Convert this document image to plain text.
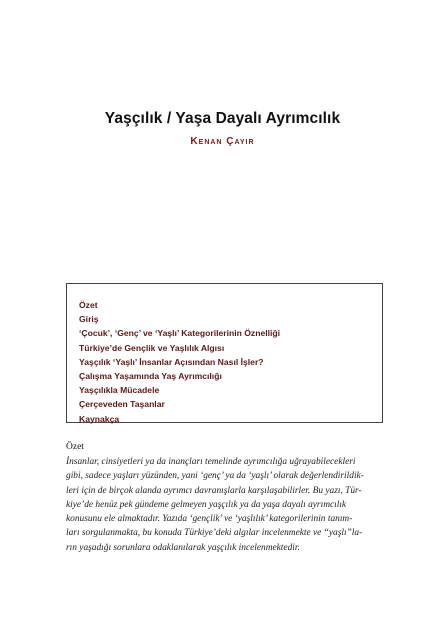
Yaşçılık / Yaşa Dayalı Ayrımcılık
Kenan Çayır
Özet
Giriş
‘Çocuk’, ‘Genç’ ve ‘Yaşlı’ Kategorilerinin Öznelliği
Türkiye’de Gençlik ve Yaşlılık Algısı
Yaşçılık ‘Yaşlı’ İnsanlar Açısından Nasıl İşler?
Çalışma Yaşamında Yaş Ayrımcılığı
Yaşçılıkla Mücadele
Çerçeveden Taşanlar
Kaynakça
Özet
İnsanlar, cinsiyetleri ya da inançları temelinde ayrımcılığa uğrayabilecekleri
gibi, sadece yaşları yüzünden, yani ‘genç’ ya da ‘yaşlı’ olarak değerlendirildik-
leri için de birçok alanda ayrımcı davranışlarla karşılaşabilirler. Bu yazı, Tür-
kiye’de henüz pek gündeme gelmeyen yaşçılık ya da yaşa dayalı ayrımcılık
konusunu ele almaktadır. Yazıda ‘gençlik’ ve ‘yaşlılık’ kategorilerinin tanım-
ları sorgulanmakta, bu konuda Türkiye’deki algılar incelenmekte ve “yaşlı”la-
rın yaşadığı sorunlara odaklanılarak yaşçılık incelenmektedir.
